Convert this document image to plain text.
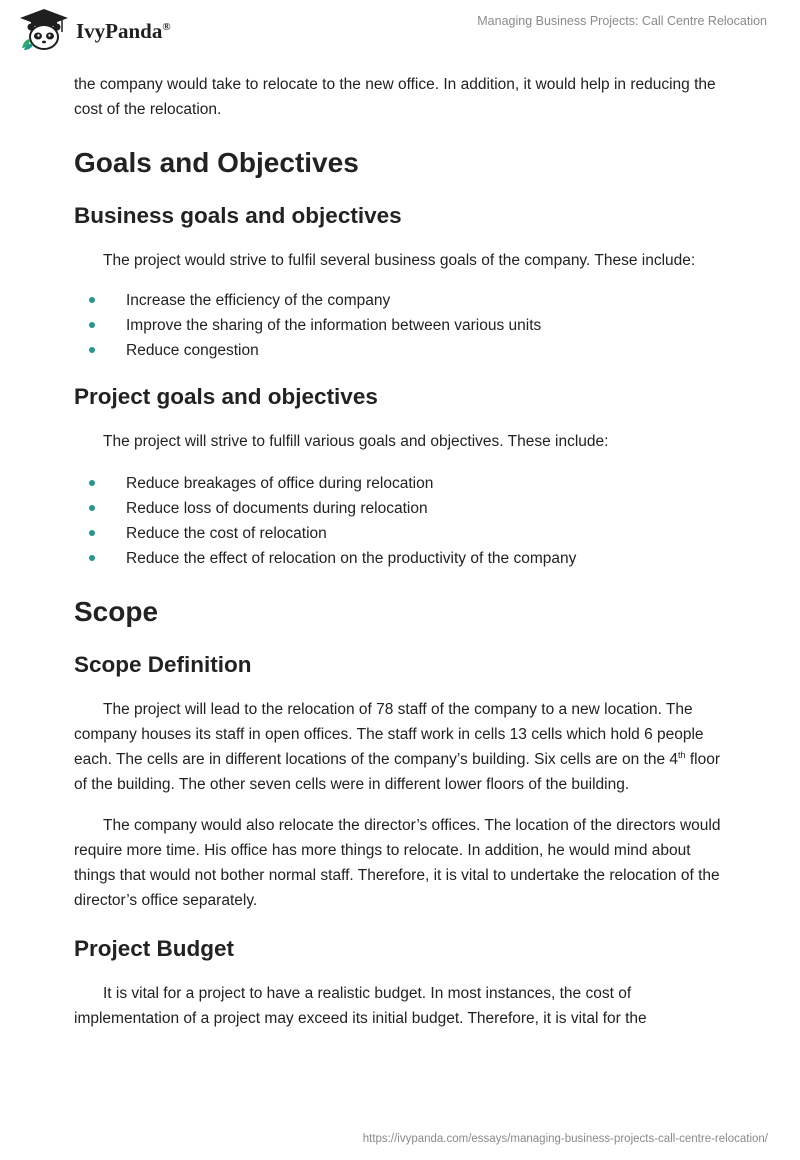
IvyPanda®	Managing Business Projects: Call Centre Relocation

the company would take to relocate to the new office. In addition, it would help in reducing the cost of the relocation.

Goals and Objectives
Business goals and objectives

The project would strive to fulfil several business goals of the company. These include:

Increase the efficiency of the company
Improve the sharing of the information between various units
Reduce congestion
Project goals and objectives

The project will strive to fulfill various goals and objectives. These include:

Reduce breakages of office during relocation
Reduce loss of documents during relocation
Reduce the cost of relocation
Reduce the effect of relocation on the productivity of the company
Scope
Scope Definition

The project will lead to the relocation of 78 staff of the company to a new location. The company houses its staff in open offices. The staff work in cells 13 cells which hold 6 people each. The cells are in different locations of the company’s building. Six cells are on the 4th floor of the building. The other seven cells were in different lower floors of the building.

The company would also relocate the director’s offices. The location of the directors would require more time. His office has more things to relocate. In addition, he would mind about things that would not bother normal staff. Therefore, it is vital to undertake the relocation of the director’s office separately.

Project Budget

It is vital for a project to have a realistic budget. In most instances, the cost of implementation of a project may exceed its initial budget. Therefore, it is vital for the

https://ivypanda.com/essays/managing-business-projects-call-centre-relocation/
